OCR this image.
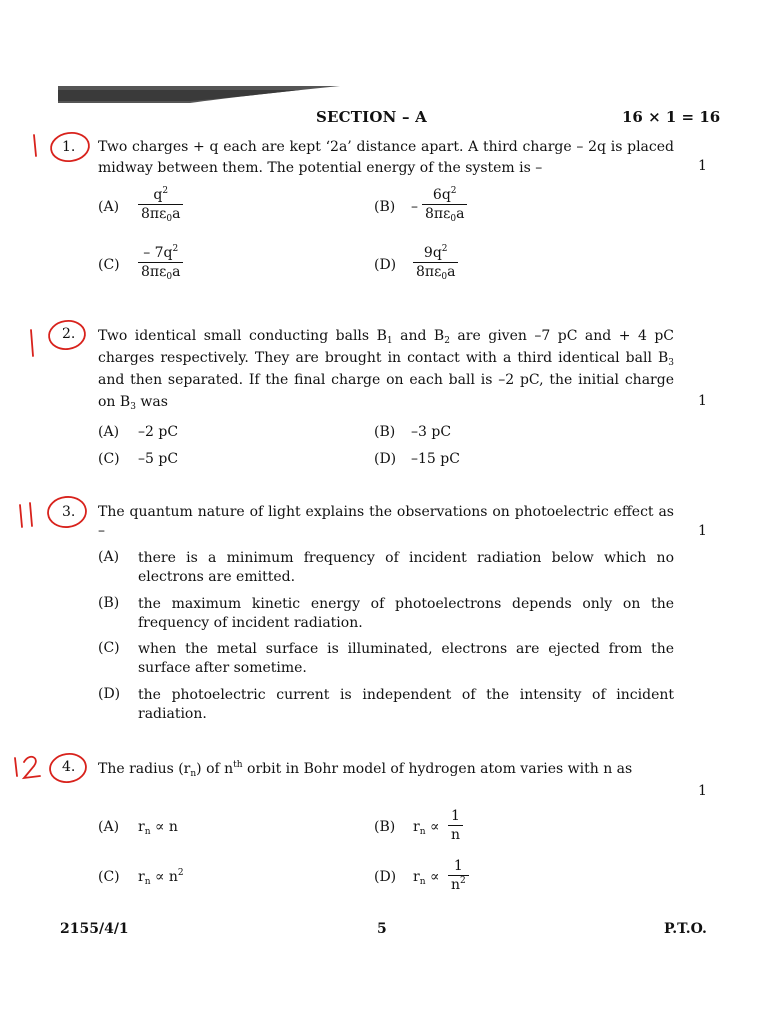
SECTION – A	16 × 1 = 16
1. Two charges + q each are kept ‘2a’ distance apart. A third charge – 2q is placed midway between them. The potential energy of the system is –	1
$(A) \frac{q^2}{8\pi\varepsilon_0a}$	$(B) - \frac{6q^2}{8\pi\varepsilon_0a}$
$(C) \frac{- 7q^2}{8\pi\varepsilon_0a}$	$(D) \frac{9q^2}{8\pi\varepsilon_0a}$
2. Two identical small conducting balls $B_1$ and $B_2$ are given –7 pC and + 4 pC charges respectively. They are brought in contact with a third identical ball $B_3$ and then separated. If the final charge on each ball is –2 pC, the initial charge on $B_3$ was	1
(A) –2 pC	(B) –3 pC
(C) –5 pC	(D) –15 pC
3. The quantum nature of light explains the observations on photoelectric effect as –	1
(A) there is a minimum frequency of incident radiation below which no electrons are emitted.
(B) the maximum kinetic energy of photoelectrons depends only on the frequency of incident radiation.
(C) when the metal surface is illuminated, electrons are ejected from the surface after sometime.
(D) the photoelectric current is independent of the intensity of incident radiation.
4. The radius $(r_n)$ of $n^{th}$ orbit in Bohr model of hydrogen atom varies with n as
1
(A) $r_n \propto n$	(B) $r_n \propto \frac{1}{n}$
(C) $r_n \propto n^2$	(D) $r_n \propto \frac{1}{n^2}$
2155/4/1	5	P.T.O.
